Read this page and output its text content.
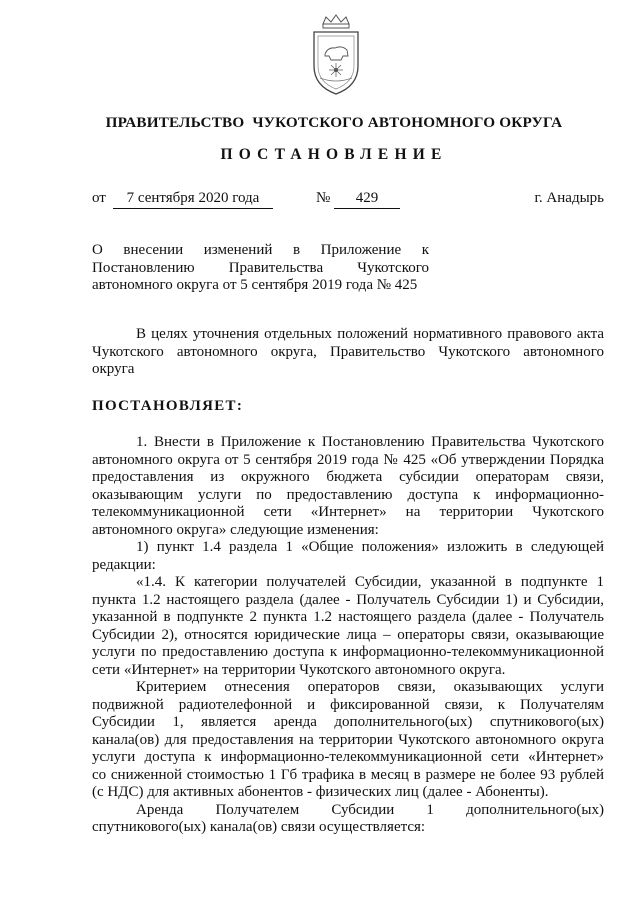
ПРАВИТЕЛЬСТВО  ЧУКОТСКОГО АВТОНОМНОГО ОКРУГА
ПОСТАНОВЛЕНИЕ
от	7 сентября 2020 года	№	429	г. Анадырь
О внесении изменений в Приложение к
Постановлению Правительства Чукотского
автономного округа от 5 сентября 2019 года № 425
В целях уточнения отдельных положений нормативного правового акта
Чукотского автономного округа, Правительство Чукотского автономного
округа
ПОСТАНОВЛЯЕТ:
1. Внести в Приложение к Постановлению Правительства Чукотского
автономного округа от 5 сентября 2019 года № 425 «Об утверждении Порядка
предоставления из окружного бюджета субсидии операторам связи,
оказывающим услуги по предоставлению доступа к информационно-
телекоммуникационной сети «Интернет» на территории Чукотского
автономного округа» следующие изменения:
1) пункт 1.4 раздела 1 «Общие положения» изложить в следующей
редакции:
«1.4. К категории получателей Субсидии, указанной в подпункте 1
пункта 1.2 настоящего раздела (далее - Получатель Субсидии 1) и Субсидии,
указанной в подпункте 2 пункта 1.2 настоящего раздела (далее - Получатель
Субсидии 2), относятся юридические лица – операторы связи, оказывающие
услуги по предоставлению доступа к информационно-телекоммуникационной
сети «Интернет» на территории Чукотского автономного округа.
Критерием отнесения операторов связи, оказывающих услуги
подвижной радиотелефонной и фиксированной связи, к Получателям
Субсидии 1, является аренда дополнительного(ых) спутникового(ых)
канала(ов) для предоставления на территории Чукотского автономного округа
услуги доступа к информационно-телекоммуникационной сети «Интернет»
со сниженной стоимостью 1 Гб трафика в месяц в размере не более 93 рублей
(с НДС) для активных абонентов - физических лиц (далее - Абоненты).
Аренда Получателем Субсидии 1 дополнительного(ых)
спутникового(ых) канала(ов) связи осуществляется:
